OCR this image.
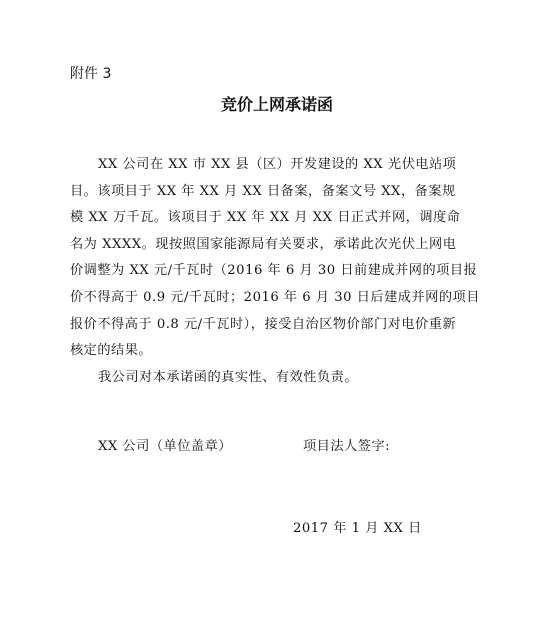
附件 3
竞价上网承诺函
XX 公司在 XX 市 XX 县（区）开发建设的 XX 光伏电站项
目。该项目于 XX 年 XX 月 XX 日备案，备案文号 XX，备案规
模 XX 万千瓦。该项目于 XX 年 XX 月 XX 日正式并网，调度命
名为 XXXX。现按照国家能源局有关要求，承诺此次光伏上网电
价调整为 XX 元/千瓦时（2016 年 6 月 30 日前建成并网的项目报
价不得高于 0.9 元/千瓦时；2016 年 6 月 30 日后建成并网的项目
报价不得高于 0.8 元/千瓦时），接受自治区物价部门对电价重新
核定的结果。
我公司对本承诺函的真实性、有效性负责。
XX 公司（单位盖章）	项目法人签字:
2017 年 1 月 XX 日
